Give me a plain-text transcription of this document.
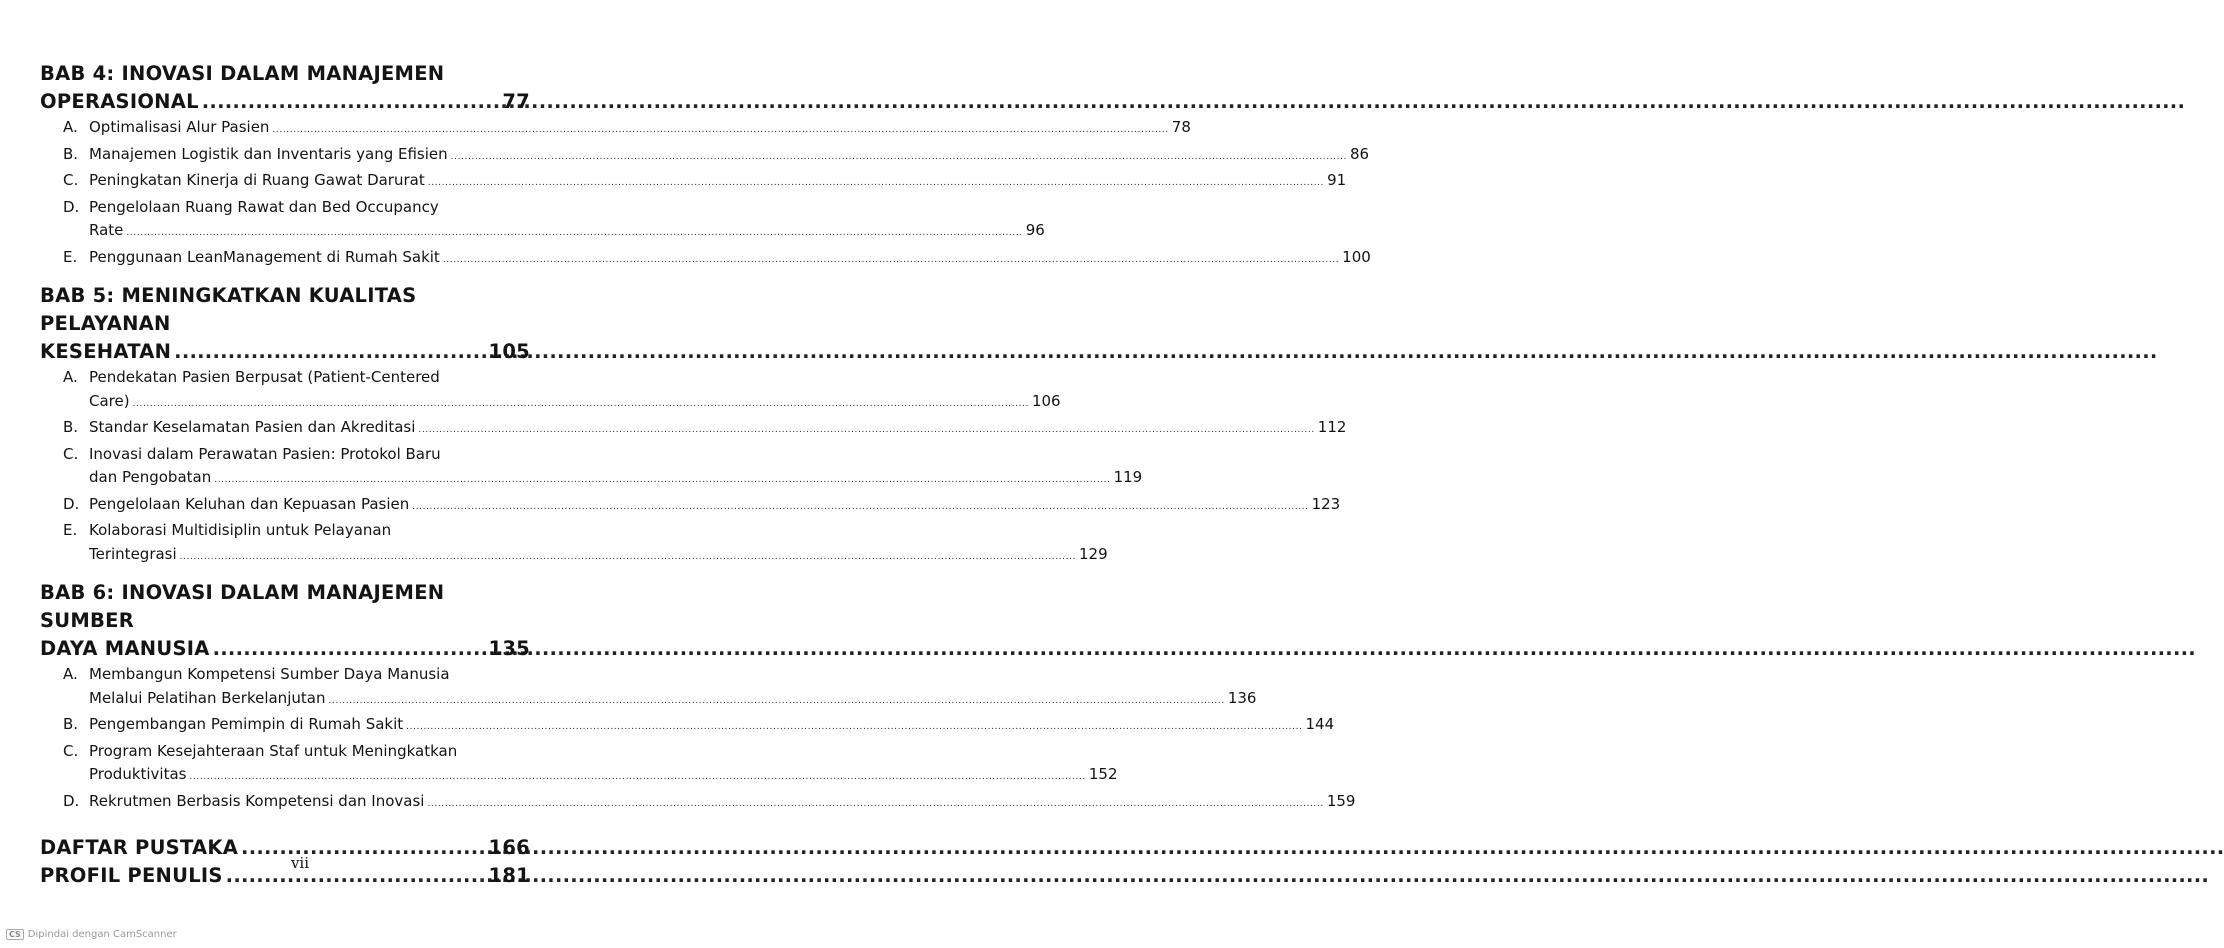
BAB 4: INOVASI DALAM MANAJEMEN
OPERASIONAL .....	77
A. Optimalisasi Alur Pasien .....	78
B. Manajemen Logistik dan Inventaris yang Efisien .....	86
C. Peningkatan Kinerja di Ruang Gawat Darurat .....	91
D. Pengelolaan Ruang Rawat dan Bed Occupancy
Rate .....	96
E. Penggunaan LeanManagement di Rumah Sakit .....	100
BAB 5: MENINGKATKAN KUALITAS PELAYANAN
KESEHATAN .....	105
A. Pendekatan Pasien Berpusat (Patient-Centered
Care) .....	106
B. Standar Keselamatan Pasien dan Akreditasi .....	112
C. Inovasi dalam Perawatan Pasien: Protokol Baru
dan Pengobatan .....	119
D. Pengelolaan Keluhan dan Kepuasan Pasien .....	123
E. Kolaborasi Multidisiplin untuk Pelayanan
Terintegrasi .....	129
BAB 6: INOVASI DALAM MANAJEMEN SUMBER
DAYA MANUSIA .....	135
A. Membangun Kompetensi Sumber Daya Manusia
Melalui Pelatihan Berkelanjutan .....	136
B. Pengembangan Pemimpin di Rumah Sakit .....	144
C. Program Kesejahteraan Staf untuk Meningkatkan
Produktivitas .....	152
D. Rekrutmen Berbasis Kompetensi dan Inovasi .....	159
DAFTAR PUSTAKA .....	166
PROFIL PENULIS .....	181
vii
CS Dipindai dengan CamScanner
